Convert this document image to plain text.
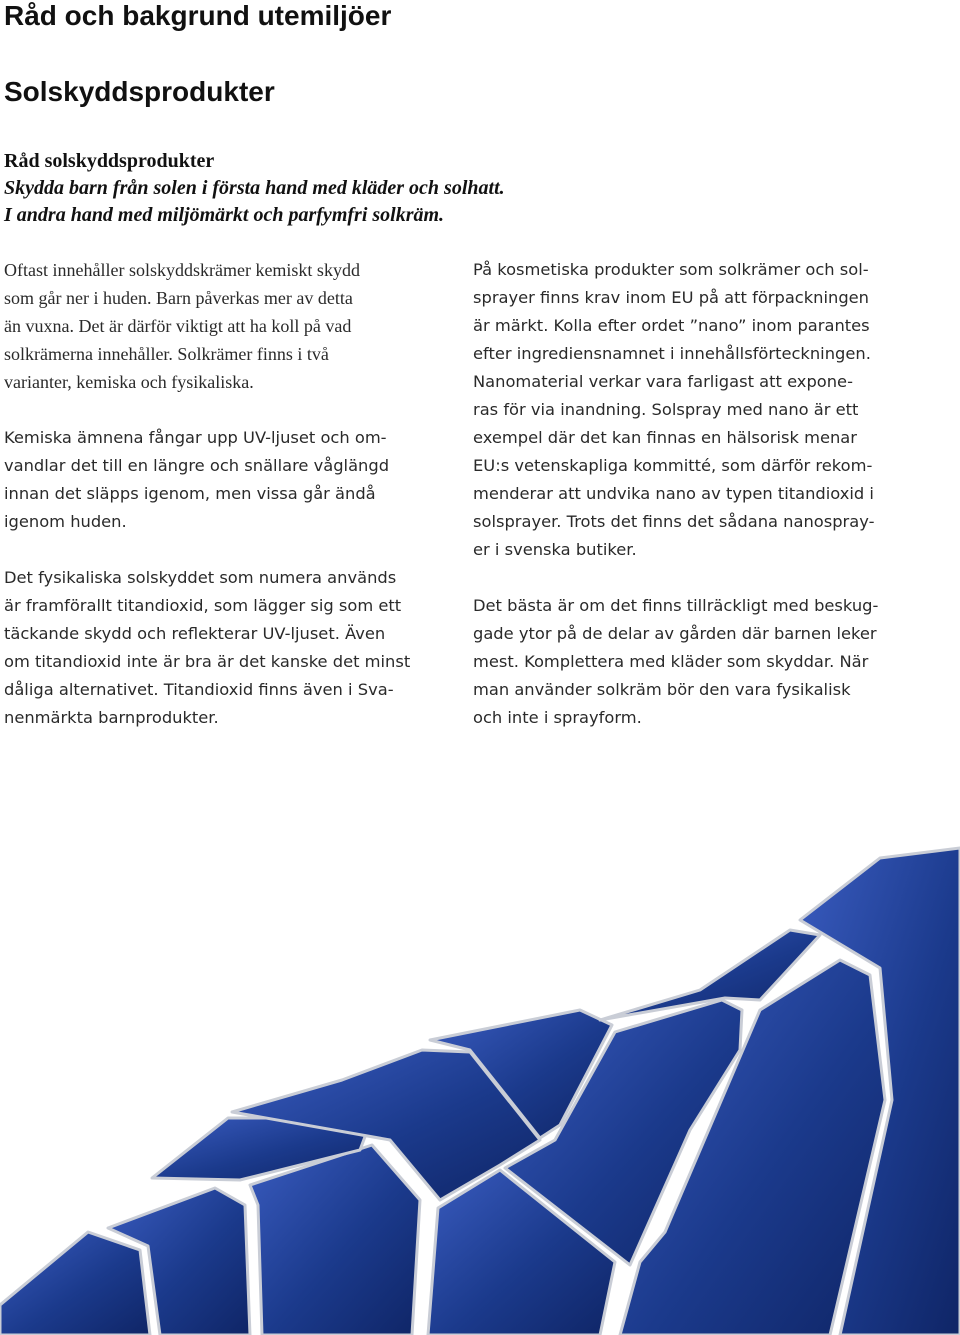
Råd och bakgrund utemiljöer
Solskyddsprodukter
Råd solskyddsprodukter
Skydda barn från solen i första hand med kläder och solhatt.
I andra hand med miljömärkt och parfymfri solkräm.

Oftast innehåller solskyddskrämer kemiskt skydd
som går ner i huden. Barn påverkas mer av detta
än vuxna. Det är därför viktigt att ha koll på vad
solkrämerna innehåller. Solkrämer finns i två
varianter, kemiska och fysikaliska.

Kemiska ämnena fångar upp UV-ljuset och om-
vandlar det till en längre och snällare våglängd
innan det släpps igenom, men vissa går ändå
igenom huden.

Det fysikaliska solskyddet som numera används
är framförallt titandioxid, som lägger sig som ett
täckande skydd och reflekterar UV-ljuset. Även
om titandioxid inte är bra är det kanske det minst
dåliga alternativet. Titandioxid finns även i Sva-
nenmärkta barnprodukter.

På kosmetiska produkter som solkrämer och sol-
sprayer finns krav inom EU på att förpackningen
är märkt. Kolla efter ordet ”nano” inom parantes
efter ingrediensnamnet i innehållsförteckningen.
Nanomaterial verkar vara farligast att expone-
ras för via inandning. Solspray med nano är ett
exempel där det kan finnas en hälsorisk menar
EU:s vetenskapliga kommitté, som därför rekom-
menderar att undvika nano av typen titandioxid i
solsprayer. Trots det finns det sådana nanospray-
er i svenska butiker.

Det bästa är om det finns tillräckligt med beskug-
gade ytor på de delar av gården där barnen leker
mest. Komplettera med kläder som skyddar. När
man använder solkräm bör den vara fysikalisk
och inte i sprayform.
